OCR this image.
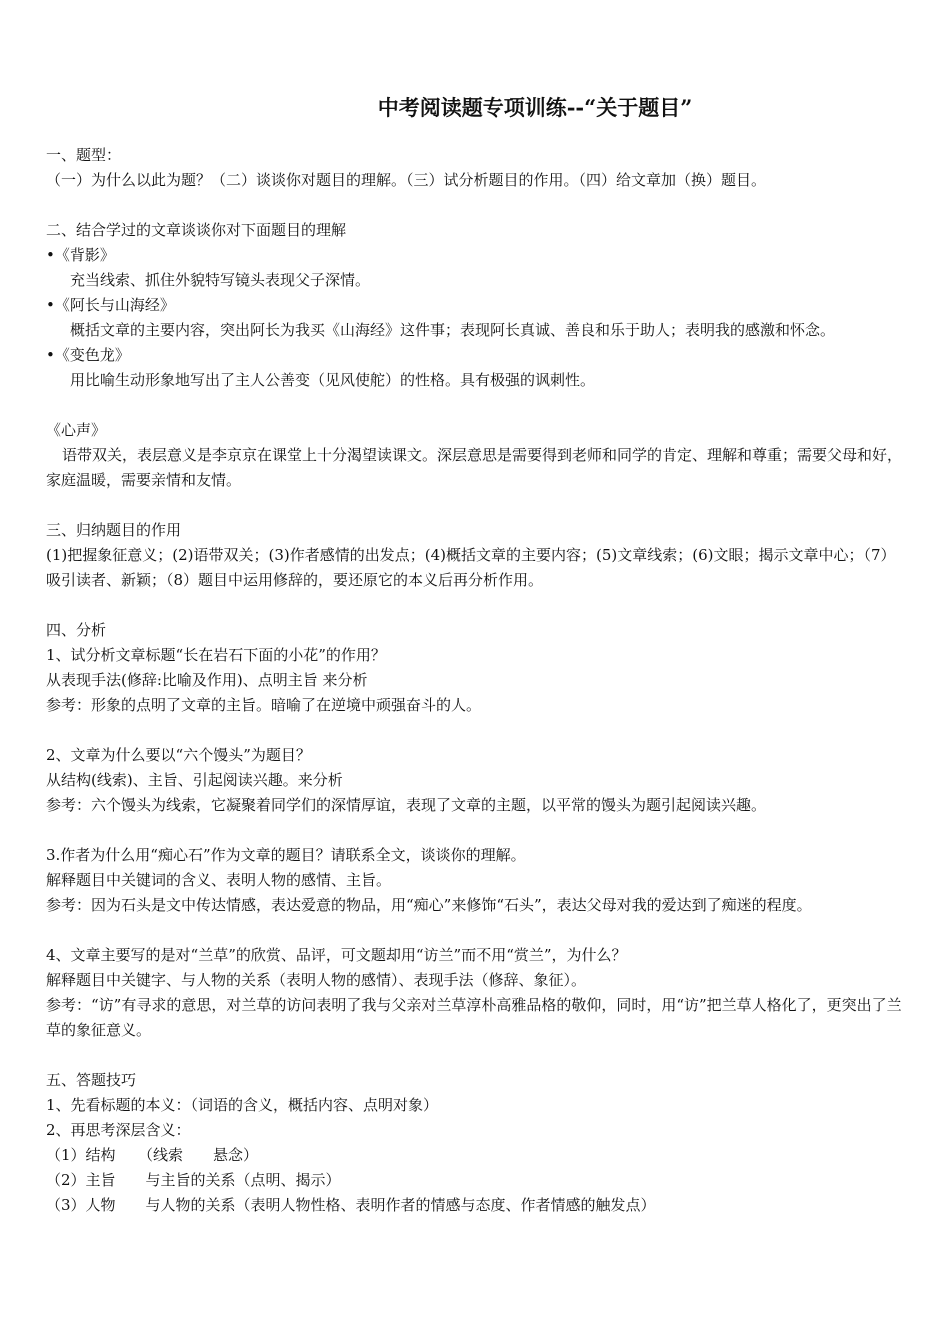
中考阅读题专项训练--“关于题目”
一、题型：
（一）为什么以此为题？（二）谈谈你对题目的理解。（三）试分析题目的作用。（四）给文章加（换）题目。
二、结合学过的文章谈谈你对下面题目的理解
•《背影》
充当线索、抓住外貌特写镜头表现父子深情。
•《阿长与山海经》
概括文章的主要内容，突出阿长为我买《山海经》这件事；表现阿长真诚、善良和乐于助人；表明我的感激和怀念。
•《变色龙》
用比喻生动形象地写出了主人公善变（见风使舵）的性格。具有极强的讽刺性。
《心声》
语带双关，表层意义是李京京在课堂上十分渴望读课文。深层意思是需要得到老师和同学的肯定、理解和尊重；需要父母和好，家庭温暖，需要亲情和友情。
三、归纳题目的作用
(1)把握象征意义；(2)语带双关；(3)作者感情的出发点；(4)概括文章的主要内容；(5)文章线索；(6)文眼；揭示文章中心；（7）吸引读者、新颖；（8）题目中运用修辞的，要还原它的本义后再分析作用。
四、分析
1、试分析文章标题“长在岩石下面的小花”的作用？
从表现手法(修辞:比喻及作用)、点明主旨 来分析
参考：形象的点明了文章的主旨。暗喻了在逆境中顽强奋斗的人。
2、文章为什么要以“六个馒头”为题目？
从结构(线索)、主旨、引起阅读兴趣。来分析
参考：六个馒头为线索，它凝聚着同学们的深情厚谊，表现了文章的主题，以平常的馒头为题引起阅读兴趣。
3.作者为什么用“痴心石”作为文章的题目？请联系全文，谈谈你的理解。
解释题目中关键词的含义、表明人物的感情、主旨。
参考：因为石头是文中传达情感，表达爱意的物品，用“痴心”来修饰“石头”，表达父母对我的爱达到了痴迷的程度。
4、文章主要写的是对“兰草”的欣赏、品评，可文题却用“访兰”而不用“赏兰”，为什么？
解释题目中关键字、与人物的关系（表明人物的感情）、表现手法（修辞、象征）。
参考：“访”有寻求的意思，对兰草的访问表明了我与父亲对兰草淳朴高雅品格的敬仰，同时，用“访”把兰草人格化了，更突出了兰草的象征意义。
五、答题技巧
1、先看标题的本义：（词语的含义，概括内容、点明对象）
2、再思考深层含义：
（1）结构　　（线索　　悬念）
（2）主旨　　与主旨的关系（点明、揭示）
（3）人物　　与人物的关系（表明人物性格、表明作者的情感与态度、作者情感的触发点）
